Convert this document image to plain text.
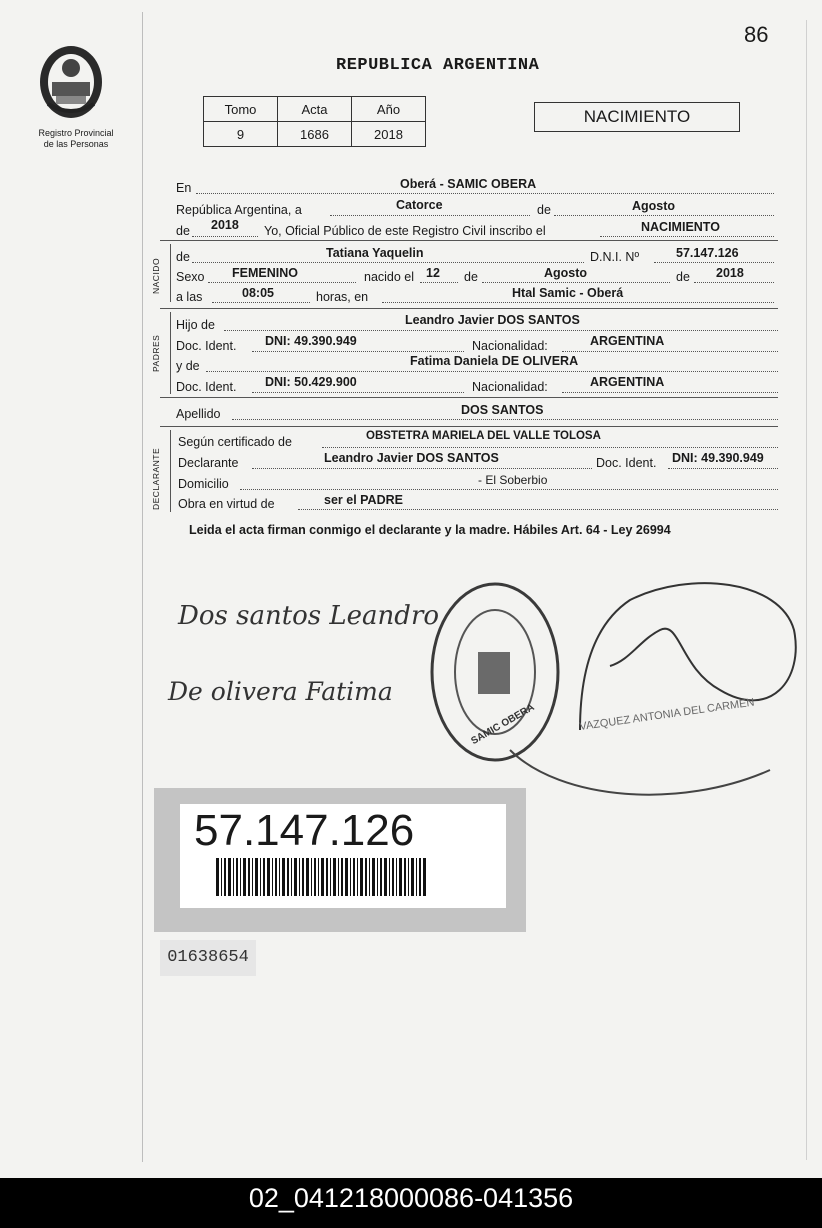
86
Registro Provincial
de las Personas
REPUBLICA ARGENTINA
Tomo	Acta	Año
9	1686	2018
NACIMIENTO
En	Oberá - SAMIC OBERA
República Argentina, a	Catorce	de	Agosto
de 2018 Yo, Oficial Público de este Registro Civil inscribo el	NACIMIENTO
NACIDO
de	Tatiana Yaquelin	D.N.I. Nº	57.147.126
Sexo FEMENINO	nacido el 12 de	Agosto	de 2018
a las	08:05	horas, en	Htal Samic - Oberá
PADRES
Hijo de	Leandro Javier DOS SANTOS
Doc. Ident. DNI: 49.390.949	Nacionalidad:	ARGENTINA
y de	Fatima Daniela DE OLIVERA
Doc. Ident. DNI: 50.429.900	Nacionalidad:	ARGENTINA
Apellido	DOS SANTOS
DECLARANTE
Según certificado de	OBSTETRA MARIELA DEL VALLE TOLOSA
Declarante	Leandro Javier DOS SANTOS	Doc. Ident. DNI: 49.390.949
Domicilio	- El Soberbio
Obra en virtud de	ser el PADRE
Leida el acta firman conmigo el declarante y la madre. Hábiles Art. 64 - Ley 26994
Dos santos Leandro
De olivera Fatima
SAMIC OBERA	VAZQUEZ ANTONIA DEL CARMEN
57.147.126
01638654
02_041218000086-041356
